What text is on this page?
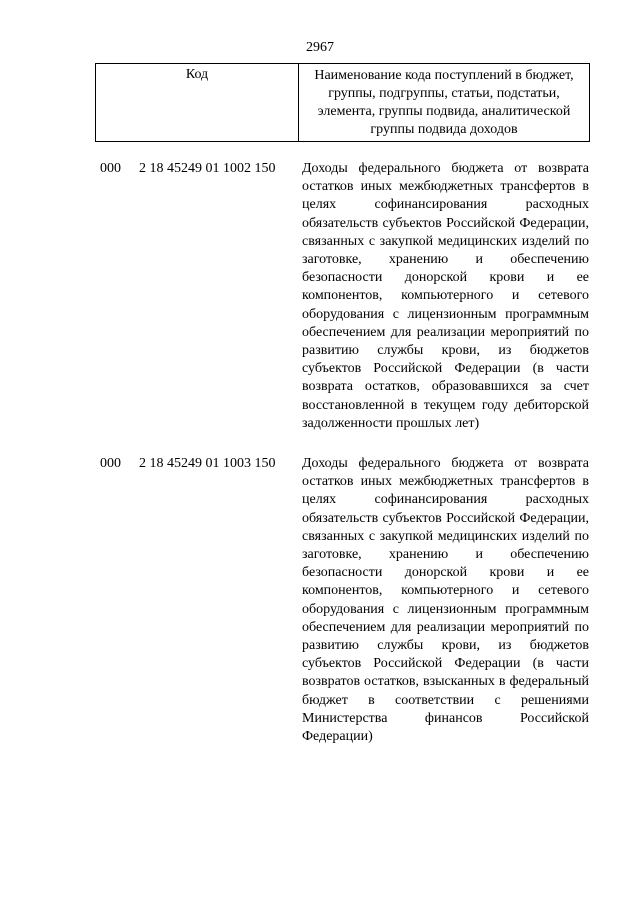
2967
Код	Наименование кода поступлений в бюджет, группы, подгруппы, статьи, подстатьи, элемента, группы подвида, аналитической группы подвида доходов
000	2 18 45249 01 1002 150	Доходы федерального бюджета от возврата остатков иных межбюджетных трансфертов в целях софинансирования расходных обязательств субъектов Российской Федерации, связанных с закупкой медицинских изделий по заготовке, хранению и обеспечению безопасности донорской крови и ее компонентов, компьютерного и сетевого оборудования с лицензионным программным обеспечением для реализации мероприятий по развитию службы крови, из бюджетов субъектов Российской Федерации (в части возврата остатков, образовавшихся за счет восстановленной в текущем году дебиторской задолженности прошлых лет)
000	2 18 45249 01 1003 150	Доходы федерального бюджета от возврата остатков иных межбюджетных трансфертов в целях софинансирования расходных обязательств субъектов Российской Федерации, связанных с закупкой медицинских изделий по заготовке, хранению и обеспечению безопасности донорской крови и ее компонентов, компьютерного и сетевого оборудования с лицензионным программным обеспечением для реализации мероприятий по развитию службы крови, из бюджетов субъектов Российской Федерации (в части возвратов остатков, взысканных в федеральный бюджет в соответствии с решениями Министерства финансов Российской Федерации)
